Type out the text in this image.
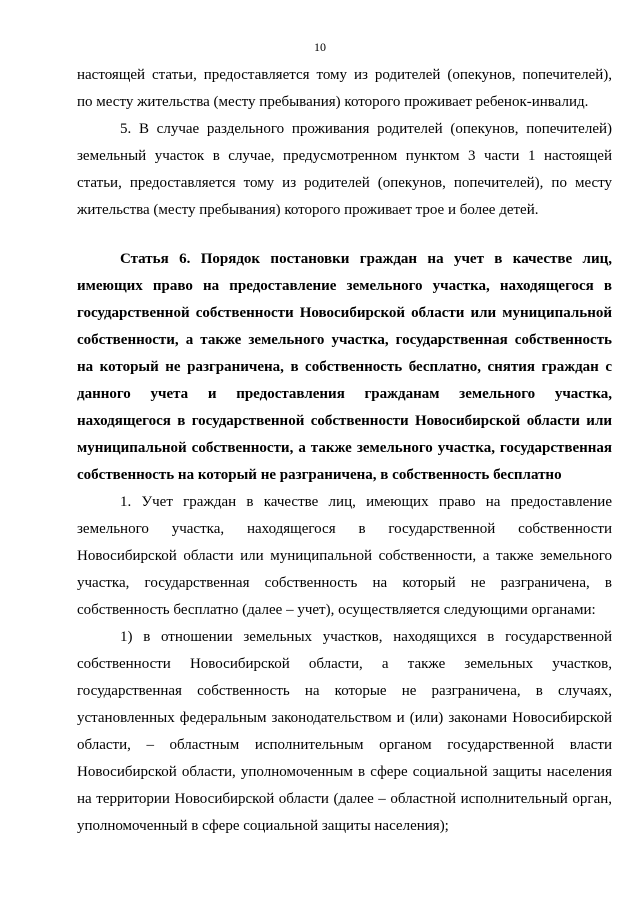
10
настоящей статьи, предоставляется тому из родителей (опекунов, попечителей),
по месту жительства (месту пребывания) которого проживает ребенок-инвалид.
5. В случае раздельного проживания родителей (опекунов, попечителей)
земельный участок в случае, предусмотренном пунктом 3 части 1 настоящей
статьи, предоставляется тому из родителей (опекунов, попечителей), по месту
жительства (месту пребывания) которого проживает трое и более детей.
Статья 6. Порядок постановки граждан на учет в качестве лиц,
имеющих право на предоставление земельного участка, находящегося в
государственной собственности Новосибирской области или муниципальной
собственности, а также земельного участка, государственная собственность
на который не разграничена, в собственность бесплатно, снятия граждан с
данного учета и предоставления гражданам земельного участка,
находящегося в государственной собственности Новосибирской области или
муниципальной собственности, а также земельного участка, государственная
собственность на который не разграничена, в собственность бесплатно
1. Учет граждан в качестве лиц, имеющих право на предоставление
земельного участка, находящегося в государственной собственности
Новосибирской области или муниципальной собственности, а также земельного
участка, государственная собственность на который не разграничена, в
собственность бесплатно (далее – учет), осуществляется следующими органами:
1) в отношении земельных участков, находящихся в государственной
собственности Новосибирской области, а также земельных участков,
государственная собственность на которые не разграничена, в случаях,
установленных федеральным законодательством и (или) законами Новосибирской
области, – областным исполнительным органом государственной власти
Новосибирской области, уполномоченным в сфере социальной защиты населения
на территории Новосибирской области (далее – областной исполнительный орган,
уполномоченный в сфере социальной защиты населения);
